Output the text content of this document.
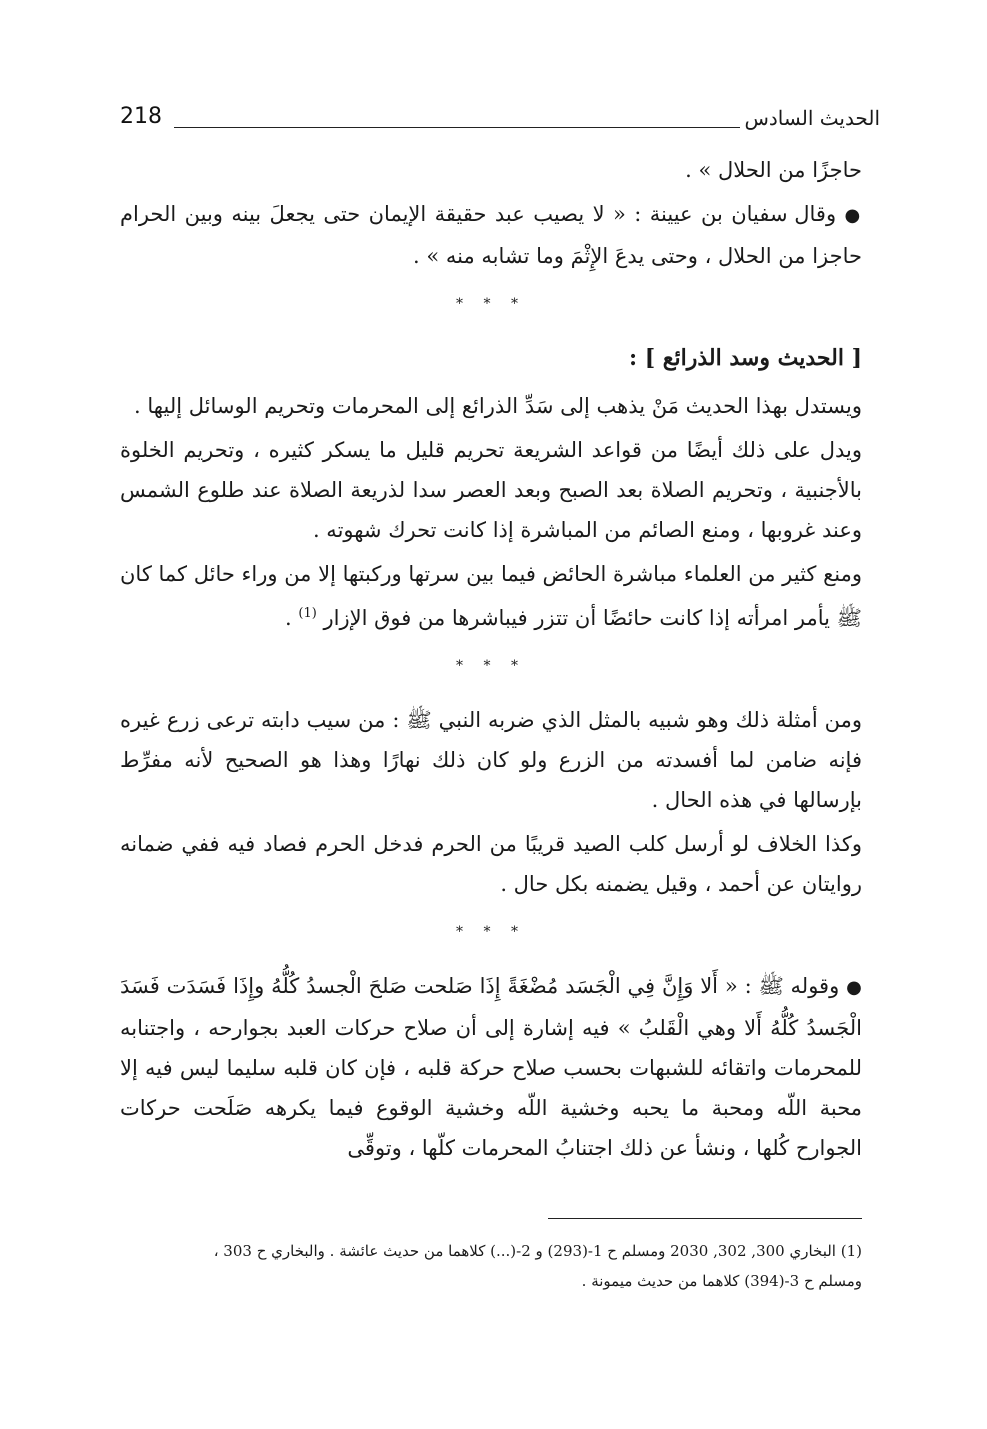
218	الحديث السادس

حاجزًا من الحلال » .

● وقال سفيان بن عيينة : « لا يصيب عبد حقيقة الإيمان حتى يجعلَ بينه وبين الحرام حاجزا من الحلال ، وحتى يدعَ الإِثْمَ وما تشابه منه » .

* * *

[ الحديث وسد الذرائع ] :

ويستدل بهذا الحديث مَنْ يذهب إلى سَدِّ الذرائع إلى المحرمات وتحريم الوسائل إليها .

ويدل على ذلك أيضًا من قواعد الشريعة تحريم قليل ما يسكر كثيره ، وتحريم الخلوة بالأجنبية ، وتحريم الصلاة بعد الصبح وبعد العصر سدا لذريعة الصلاة عند طلوع الشمس وعند غروبها ، ومنع الصائم من المباشرة إذا كانت تحرك شهوته .

ومنع كثير من العلماء مباشرة الحائض فيما بين سرتها وركبتها إلا من وراء حائل كما كان ﷺ يأمر امرأته إذا كانت حائضًا أن تتزر فيباشرها من فوق الإزار $^{(1)}$ .

* * *

ومن أمثلة ذلك وهو شبيه بالمثل الذي ضربه النبي ﷺ : من سيب دابته ترعى زرع غيره فإنه ضامن لما أفسدته من الزرع ولو كان ذلك نهارًا وهذا هو الصحيح لأنه مفرِّط بإرسالها في هذه الحال .

وكذا الخلاف لو أرسل كلب الصيد قريبًا من الحرم فدخل الحرم فصاد فيه ففي ضمانه روايتان عن أحمد ، وقيل يضمنه بكل حال .

* * *

● وقوله ﷺ : « أَلا وَإِنَّ فِي الْجَسَد مُضْغَةً إِذَا صَلحت صَلحَ الْجسدُ كُلُّهُ وإِذَا فَسَدَت فَسَدَ الْجَسدُ كُلُّهُ أَلا وهي الْقَلبُ » فيه إشارة إلى أن صلاح حركات العبد بجوارحه ، واجتنابه للمحرمات واتقائه للشبهات بحسب صلاح حركة قلبه ، فإن كان قلبه سليما ليس فيه إلا محبة اللّه ومحبة ما يحبه وخشية اللّه وخشية الوقوع فيما يكرهه صَلَحت حركات الجوارح كُلها ، ونشأ عن ذلك اجتنابُ المحرمات كلّها ، وتوقِّى

(1) البخاري 300, 302, 2030 ومسلم ح 1-(293) و 2-(...) كلاهما من حديث عائشة . والبخاري ح 303 ،

ومسلم ح 3-(394) كلاهما من حديث ميمونة .
